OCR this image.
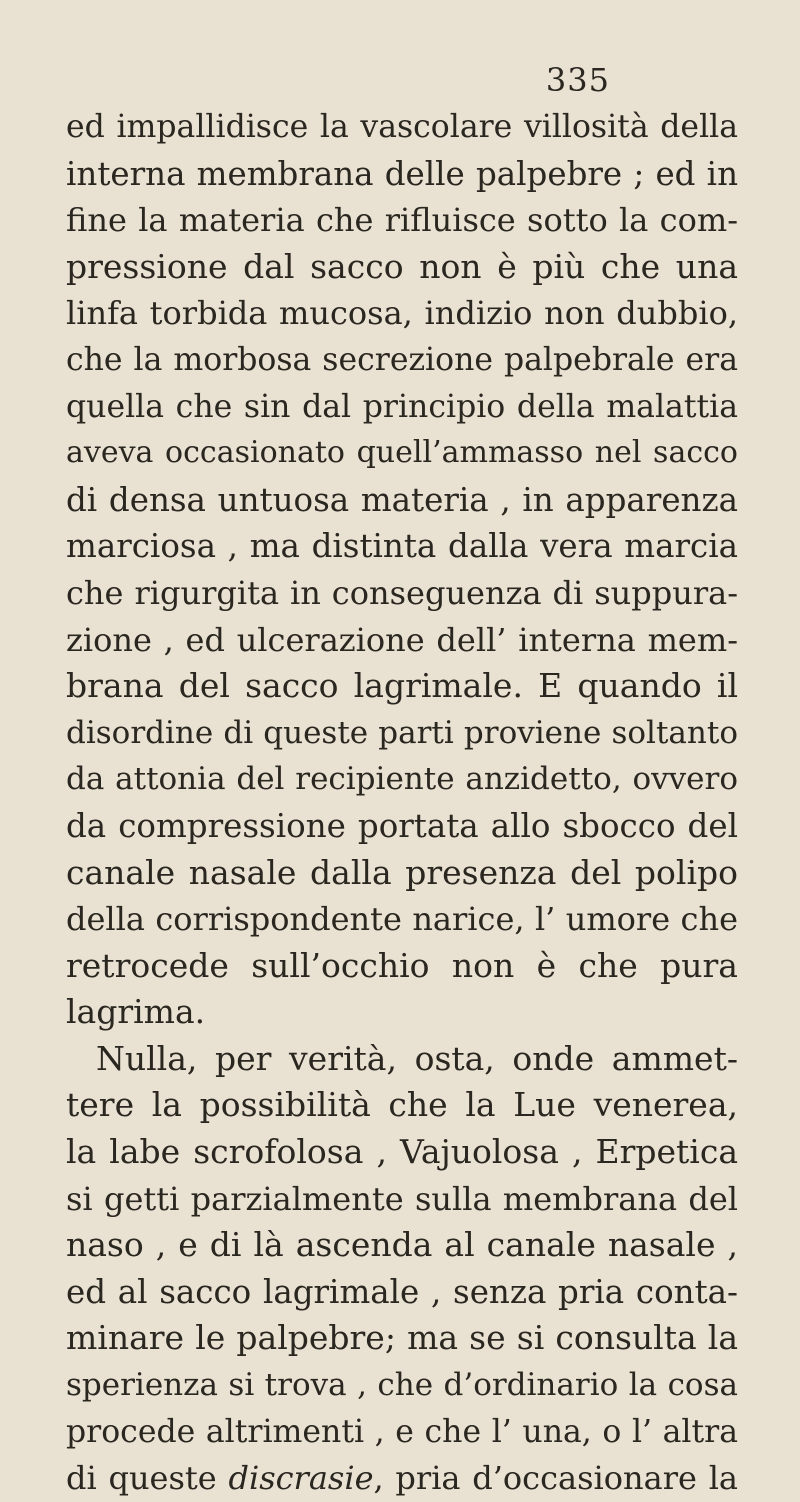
335
ed impallidisce la vascolare villosità della
interna membrana delle palpebre ; ed in
fine la materia che rifluisce sotto la com-
pressione dal sacco non è più che una
linfa torbida mucosa, indizio non dubbio,
che la morbosa secrezione palpebrale era
quella che sin dal principio della malattia
aveva occasionato quell’ammasso nel sacco
di densa untuosa materia , in apparenza
marciosa , ma distinta dalla vera marcia
che rigurgita in conseguenza di suppura-
zione , ed ulcerazione dell’ interna mem-
brana del sacco lagrimale. E quando il
disordine di queste parti proviene soltanto
da attonia del recipiente anzidetto, ovvero
da compressione portata allo sbocco del
canale nasale dalla presenza del polipo
della corrispondente narice, l’ umore che
retrocede sull’occhio non è che pura
lagrima.
Nulla, per verità, osta, onde ammet-
tere la possibilità che la Lue venerea,
la labe scrofolosa , Vajuolosa , Erpetica
si getti parzialmente sulla membrana del
naso , e di là ascenda al canale nasale ,
ed al sacco lagrimale , senza pria conta-
minare le palpebre; ma se si consulta la
sperienza si trova , che d’ordinario la cosa
procede altrimenti , e che l’ una, o l’ altra
di queste discrasie, pria d’occasionare la
